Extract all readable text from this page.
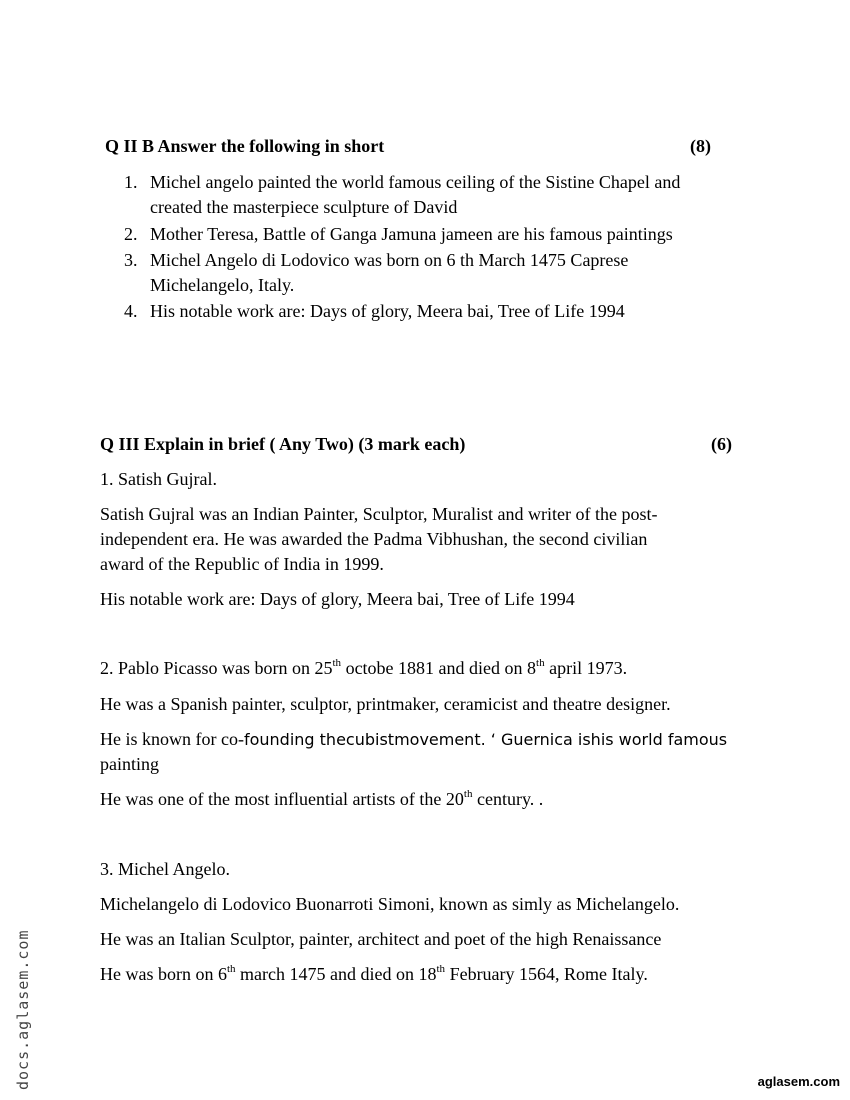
Q II B Answer the following in short	(8)
1. Michel angelo painted the world famous ceiling of the Sistine Chapel and
created the masterpiece sculpture of David
2. Mother Teresa, Battle of Ganga Jamuna jameen are his famous paintings
3. Michel Angelo di Lodovico was born on 6 th March 1475 Caprese
Michelangelo, Italy.
4. His notable work are: Days of glory, Meera bai, Tree of Life 1994
Q III Explain in brief ( Any Two) (3 mark each)	(6)
1. Satish Gujral.
Satish Gujral was an Indian Painter, Sculptor, Muralist and writer of the post-
independent era. He was awarded the Padma Vibhushan, the second civilian
award of the Republic of India in 1999.
His notable work are: Days of glory, Meera bai, Tree of Life 1994
2. Pablo Picasso was born on 25th octobe 1881 and died on 8th april 1973.
He was a Spanish painter, sculptor, printmaker, ceramicist and theatre designer.
He is known for co-founding thecubistmovement. ‘ Guernica ishis world famous
painting
He was one of the most influential artists of the 20th century. .
3. Michel Angelo.
Michelangelo di Lodovico Buonarroti Simoni, known as simly as Michelangelo.
He was an Italian Sculptor, painter, architect and poet of the high Renaissance
He was born on 6th march 1475 and died on 18th February 1564, Rome Italy.
docs.aglasem.com	aglasem.com
